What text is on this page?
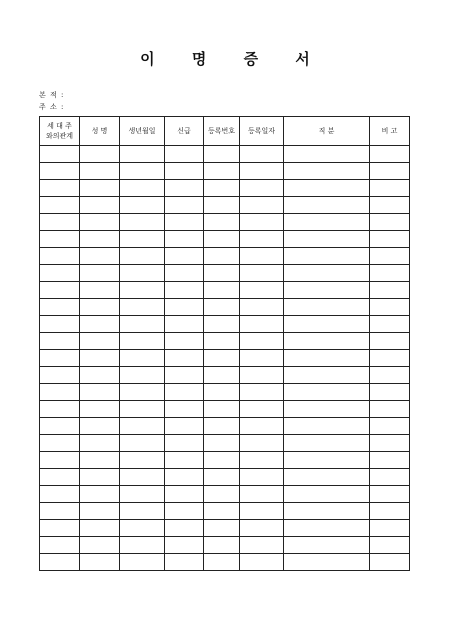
이 명 증 서
본 적 :
주 소 :
세 대 주
와의관계	성 명	생년월일	신급	등록번호	등록일자	직 분	비 고
